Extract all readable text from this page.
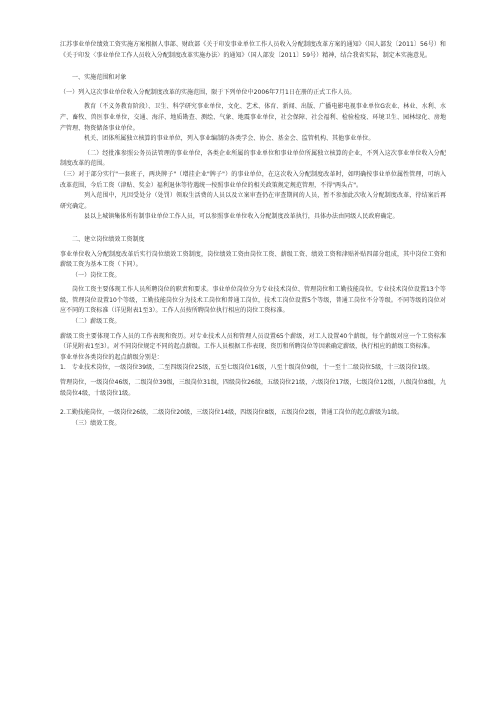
江苏事业单位绩效工资实施方案根据人事部、财政部《关于印发事业单位工作人员收入分配制度改革方案的通知》（国人部发〔2011〕56号）和《关于印发〈事业单位工作人员收入分配制度改革实施办法〉的通知》（国人部发〔2011〕59号）精神，结合我省实际，制定本实施意见。

一、实施范围和对象

（一）列入这次事业单位收入分配制度改革的实施范围，限于下列单位中2006年7月1日在册的正式工作人员。

教育（不义务教育阶段）、卫生、科学研究事业单位，文化、艺术、体育、新闻、出版、广播电影电视事业单位G农业、林业、水利、水产、畜牧、兽医事业单位，交通、海洋、地质勘查、测绘、气象、地震事业单位，社会保障、社会福利、检验检疫、环境卫生、园林绿化、房地产管理、物资储备事业单位。

机关、团体所属独立核算的事业单位，列入事业编制的各类学会、协会、基金会、监管机构、其他事业单位。

（二）经批准参照公务员法管理的事业单位，各类企业所属的事业单位和事业单位所属独立核算的企业，不列入这次事业单位收入分配制度改革的范围。

（三）对于部分实行"一套班子，两块牌子"（增挂企业"牌子"）的事业单位，在这次收入分配制度改革时，如明确按事业单位属性管理，可纳入改革范围，今后工资（津贴、奖金）福利退休等待遇统一按照事业单位的相关政策规定规范管理，不得"两头占"。

列入范围中，凡因受处分（处罚）领取生活费的人员以及立案审查仍在审查期间的人员，暂不参加此次收入分配制度改革，待结案后再研究确定。

县以上城镇集体所有制事业单位工作人员，可以参照事业单位收入分配制度改革执行，具体办法由同级人民政府确定。

二、建立岗位绩效工资制度

事业单位收入分配制度改革后实行岗位绩效工资制度，岗位绩效工资由岗位工资、薪级工资、绩效工资和津贴补贴四部分组成，其中岗位工资和薪级工资为基本工资（下同）。

（一）岗位工资。

岗位工资主要体现工作人员所聘岗位的职责和要求。事业单位岗位分为专业技术岗位、管理岗位和工勤技能岗位。专业技术岗位设置13个等级，管理岗位设置10个等级，工勤技能岗位分为技术工岗位和普通工岗位，技术工岗位设置5个等级，普通工岗位不分等级。不同等级的岗位对应不同的工资标准（详见附表1至3）。工作人员按所聘岗位执行相应的岗位工资标准。

（二）薪级工资。

薪级工资主要体现工作人员的工作表现和资历。对专业技术人员和管理人员设置65个薪级，对工人设置40个薪级，每个薪级对应一个工资标准（详见附表1至3）。对不同岗位规定不同的起点薪级。工作人员根据工作表现、资历和所聘岗位等因素确定薪级，执行相应的薪级工资标准。

事业单位各类岗位的起点薪级分别是：

1.　专业技术岗位，一级岗位39级，二至四级岗位25级，五至七级岗位16级，八至十级岗位9级，十一至十二级岗位5级，十三级岗位1级。

管理岗位，一级岗位46级，二级岗位39级，三级岗位31级，四级岗位26级，五级岗位21级，六级岗位17级，七级岗位12级，八级岗位8级，九级岗位4级，十级岗位1级。

2.工勤技能岗位，一级岗位26级，二级岗位20级，三级岗位14级，四级岗位8级，五级岗位2级，普通工岗位的起点薪级为1级。

（三）绩效工资。
